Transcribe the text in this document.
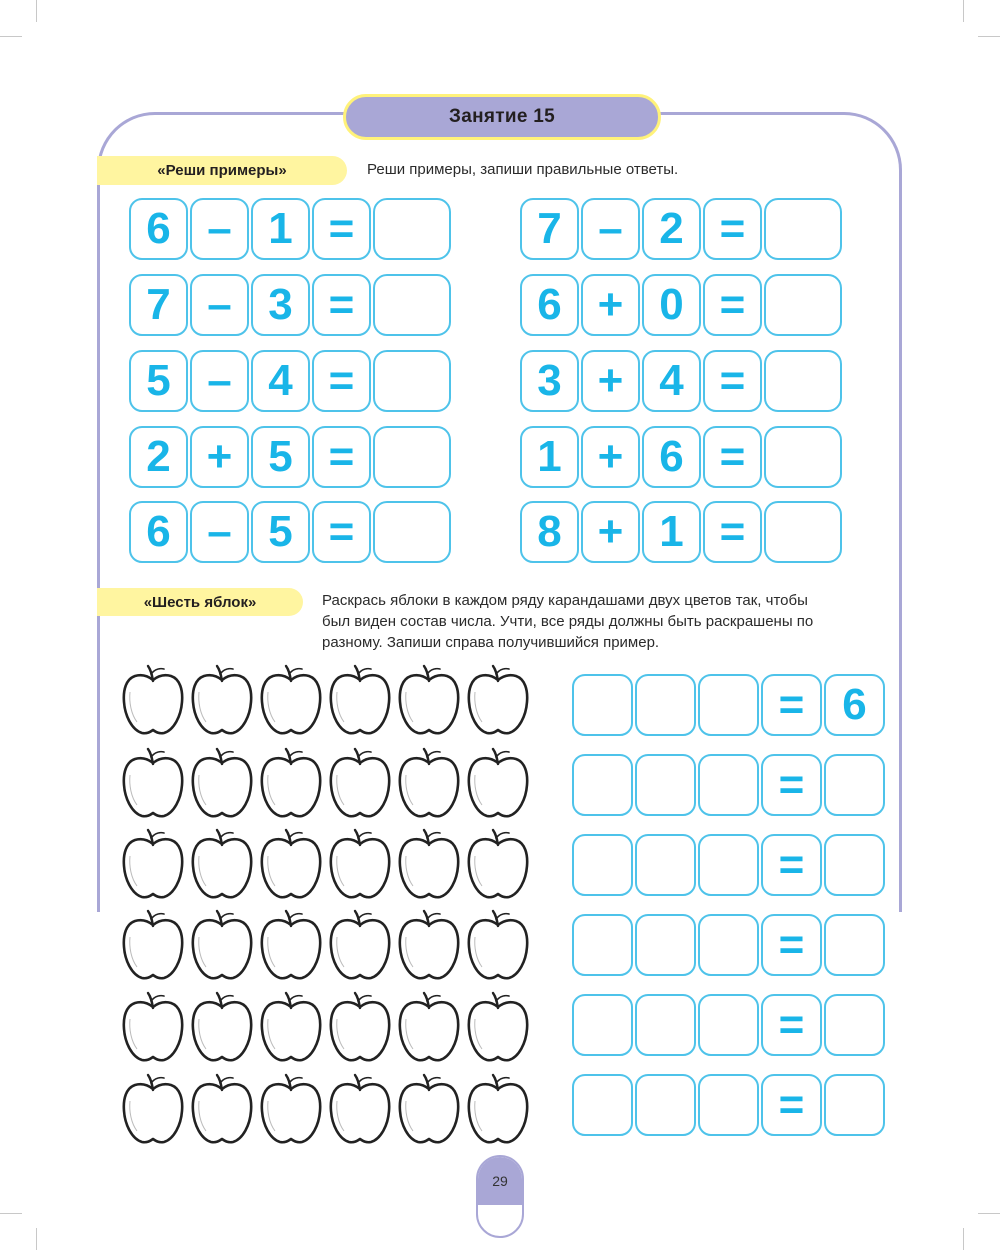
Занятие 15
«Реши примеры»	Реши примеры, запиши правильные ответы.
6 – 1 =
7 – 3 =
5 – 4 =
2 + 5 =
6 – 5 =
7 – 2 =
6 + 0 =
3 + 4 =
1 + 6 =
8 + 1 =
«Шесть яблок»	Раскрась яблоки в каждом ряду карандашами двух цветов так, чтобы
был виден состав числа. Учти, все ряды должны быть раскрашены по
разному. Запиши справа получившийся пример.
= 6
=
=
=
=
=
29
